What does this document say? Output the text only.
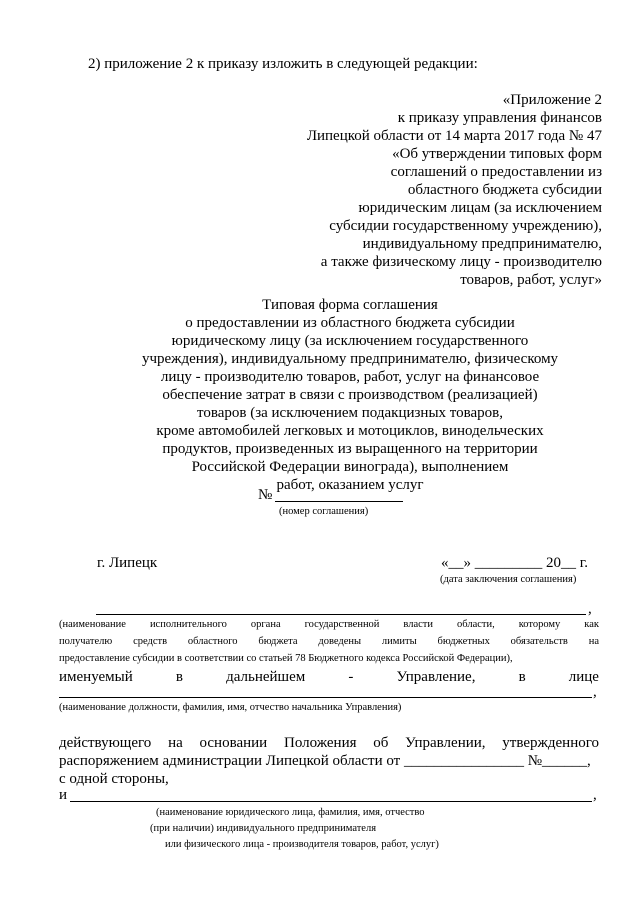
2) приложение 2 к приказу изложить в следующей редакции:
«Приложение 2
к приказу управления финансов
Липецкой области от 14 марта 2017 года № 47
«Об утверждении типовых форм
соглашений о предоставлении из
областного бюджета субсидии
юридическим лицам (за исключением
субсидии государственному учреждению),
индивидуальному предпринимателю,
а также физическому лицу - производителю
товаров, работ, услуг»
Типовая форма соглашения
о предоставлении из областного бюджета субсидии
юридическому лицу (за исключением государственного
учреждения), индивидуальному предпринимателю, физическому
лицу - производителю товаров, работ, услуг на финансовое
обеспечение затрат в связи с производством (реализацией)
товаров (за исключением подакцизных товаров,
кроме автомобилей легковых и мотоциклов, винодельческих
продуктов, произведенных из выращенного на территории
Российской Федерации винограда), выполнением
работ, оказанием услуг
№
(номер соглашения)
г. Липецк	«__» _________ 20__ г.
(дата заключения соглашения)
,
(наименование исполнительного органа государственной власти области, которому как
получателю средств областного бюджета доведены лимиты бюджетных обязательств на
предоставление субсидии в соответствии со статьей 78 Бюджетного кодекса Российской Федерации),
именуемый	в	дальнейшем	-	Управление,	в	лице
,
(наименование должности, фамилия, имя, отчество начальника Управления)
действующего на основании Положения об Управлении, утвержденного
распоряжением администрации Липецкой области от ________________ №______,
с одной стороны,
и	,
(наименование юридического лица, фамилия, имя, отчество
(при наличии) индивидуального предпринимателя
или физического лица - производителя товаров, работ, услуг)
